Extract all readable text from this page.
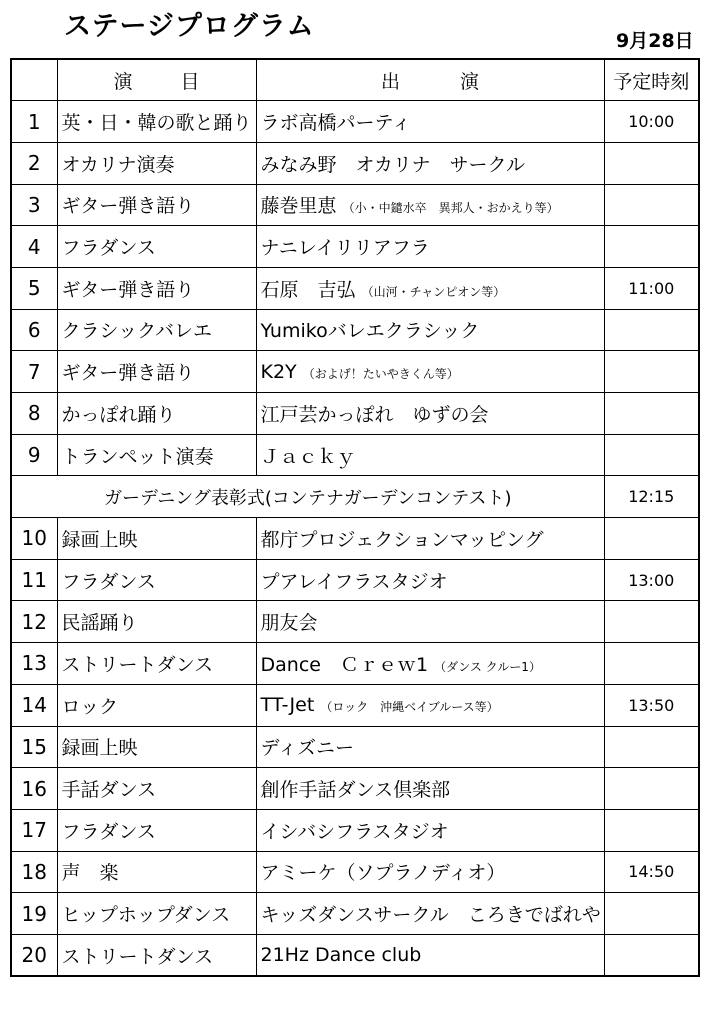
ステージプログラム	9月28日
	演目	出演	予定時刻
1	英・日・韓の歌と踊り	ラボ高橋パーティ	10:00
2	オカリナ演奏	みなみ野　オカリナ　サークル	
3	ギター弾き語り	藤巻里恵 （小・中鑓水卒　異邦人・おかえり等）	
4	フラダンス	ナニレイリリアフラ	
5	ギター弾き語り	石原　吉弘 （山河・チャンピオン等）	11:00
6	クラシックバレエ	Yumikoバレエクラシック	
7	ギター弾き語り	K2Y （およげ！たいやきくん等）	
8	かっぽれ踊り	江戸芸かっぽれ　ゆずの会	
9	トランペット演奏	Ｊａｃｋｙ	
ガーデニング表彰式(コンテナガーデンコンテスト)			12:15
10	録画上映	都庁プロジェクションマッピング	
11	フラダンス	プアレイフラスタジオ	13:00
12	民謡踊り	朋友会	
13	ストリートダンス	Dance　Ｃｒｅｗ1 （ダンス クルー1）	
14	ロック	TT-Jet （ロック　沖縄ベイブルース等）	13:50
15	録画上映	ディズニー	
16	手話ダンス	創作手話ダンス倶楽部	
17	フラダンス	イシバシフラスタジオ	
18	声　楽	アミーケ（ソプラノディオ）	14:50
19	ヒップホップダンス	キッズダンスサークル　ころきでばれや	
20	ストリートダンス	21Hz Dance club	
